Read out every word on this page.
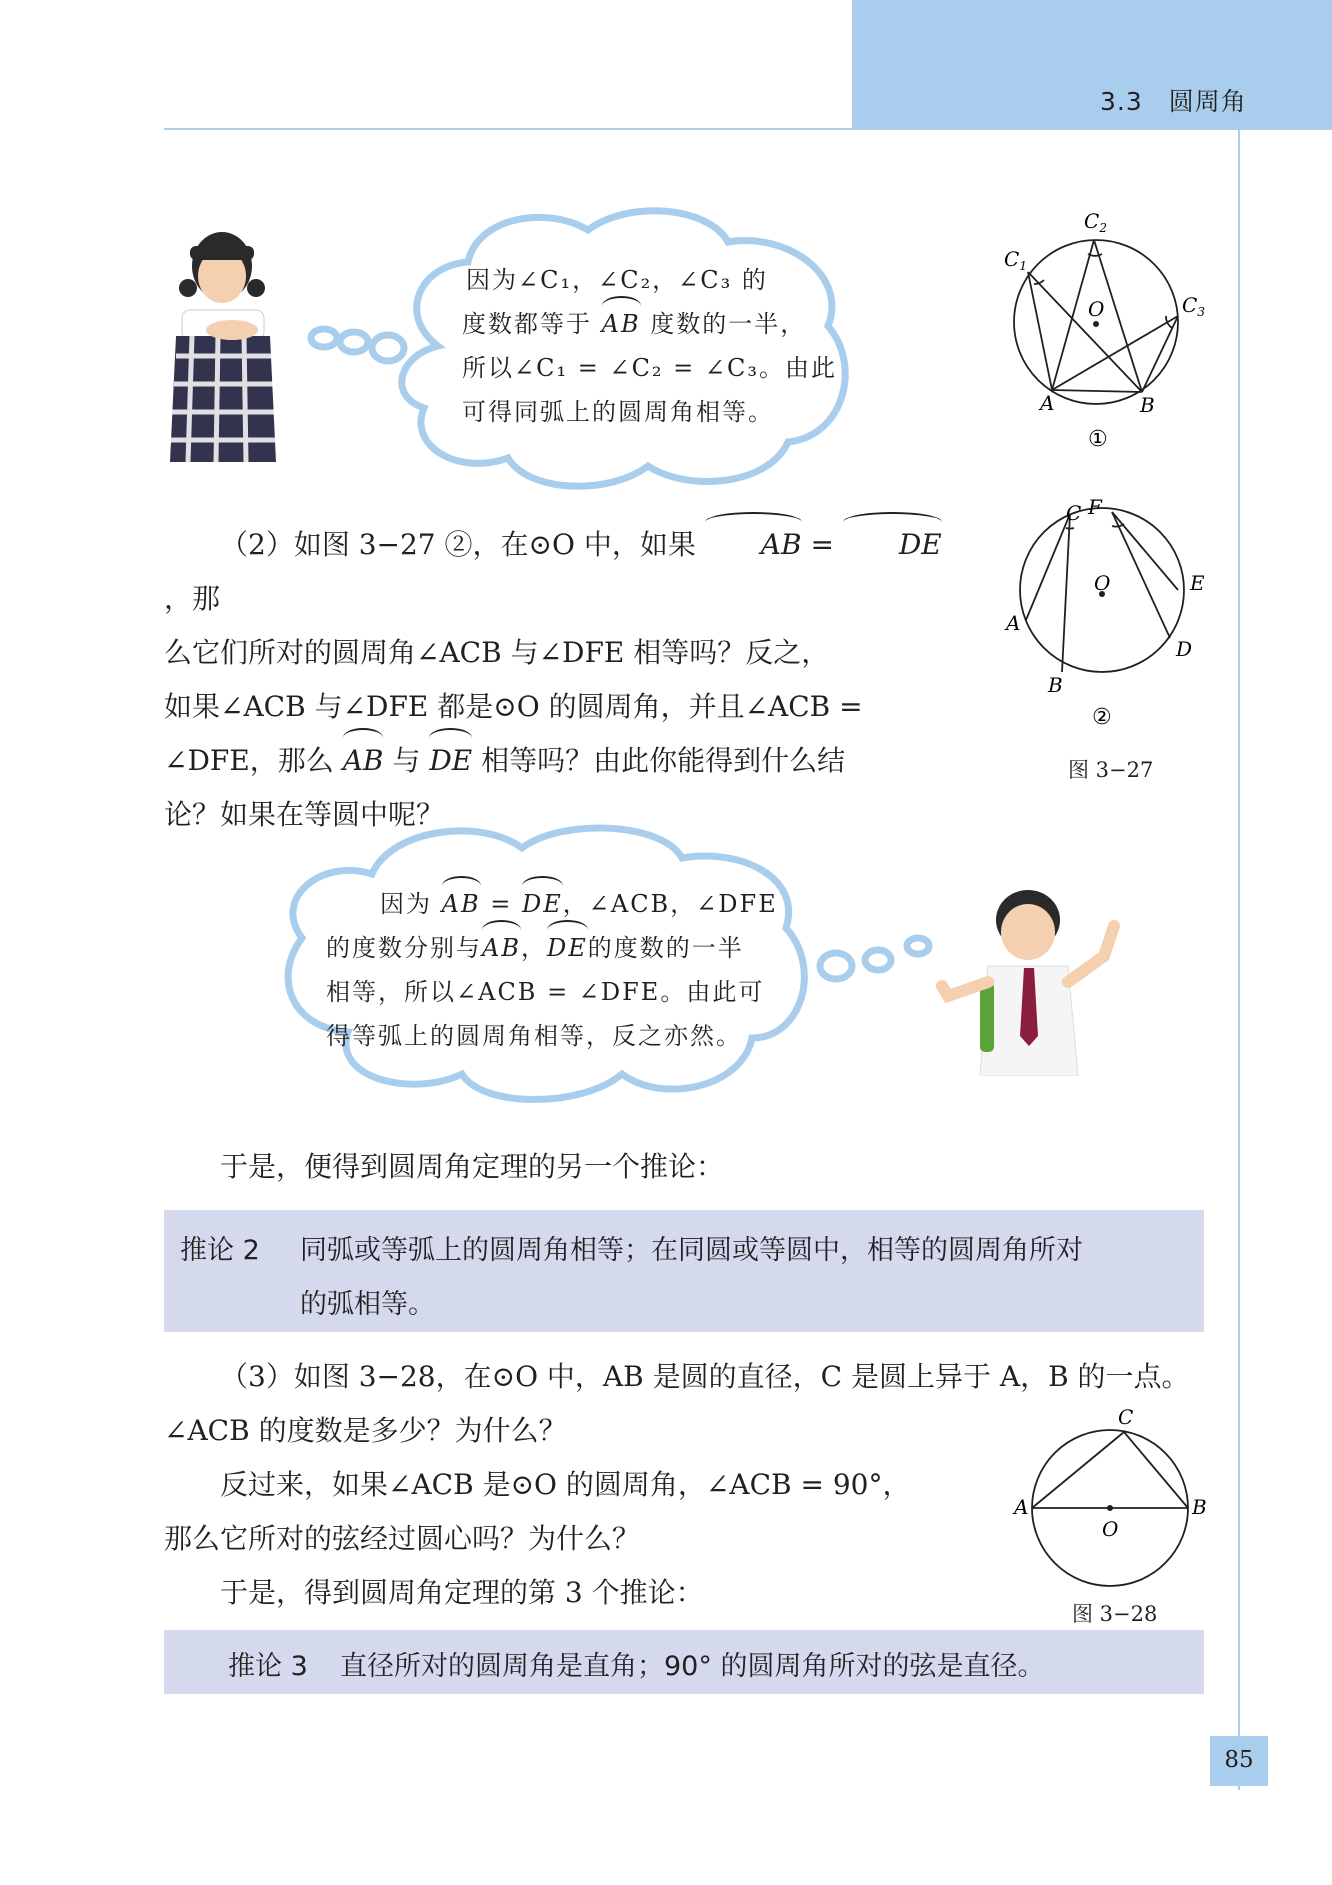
3.3　圆周角
因为∠C₁，∠C₂，∠C₃ 的
度数都等于 AB 度数的一半，
所以∠C₁ = ∠C₂ = ∠C₃。由此
可得同弧上的圆周角相等。
$C_1$
$C_2$
$C_3$
O
A	B
①
C F
O	E
A
D
B
②
图 3−27
（2）如图 3−27 ②，在⊙O 中，如果 AB = DE，那
么它们所对的圆周角∠ACB 与∠DFE 相等吗？反之，
如果∠ACB 与∠DFE 都是⊙O 的圆周角，并且∠ACB =
∠DFE，那么 AB 与 DE 相等吗？由此你能得到什么结
论？如果在等圆中呢？
因为 AB = DE，∠ACB，∠DFE
的度数分别与AB，DE的度数的一半
相等，所以∠ACB = ∠DFE。由此可
得等弧上的圆周角相等，反之亦然。
于是，便得到圆周角定理的另一个推论：
推论 2 同弧或等弧上的圆周角相等；在同圆或等圆中，相等的圆周角所对
的弧相等。
（3）如图 3−28，在⊙O 中，AB 是圆的直径，C 是圆上异于 A，B 的一点。
∠ACB 的度数是多少？为什么？
反过来，如果∠ACB 是⊙O 的圆周角，∠ACB = 90°，
那么它所对的弦经过圆心吗？为什么？
于是，得到圆周角定理的第 3 个推论：
C
A	B
O
图 3−28
推论 3 直径所对的圆周角是直角；90° 的圆周角所对的弦是直径。
85
